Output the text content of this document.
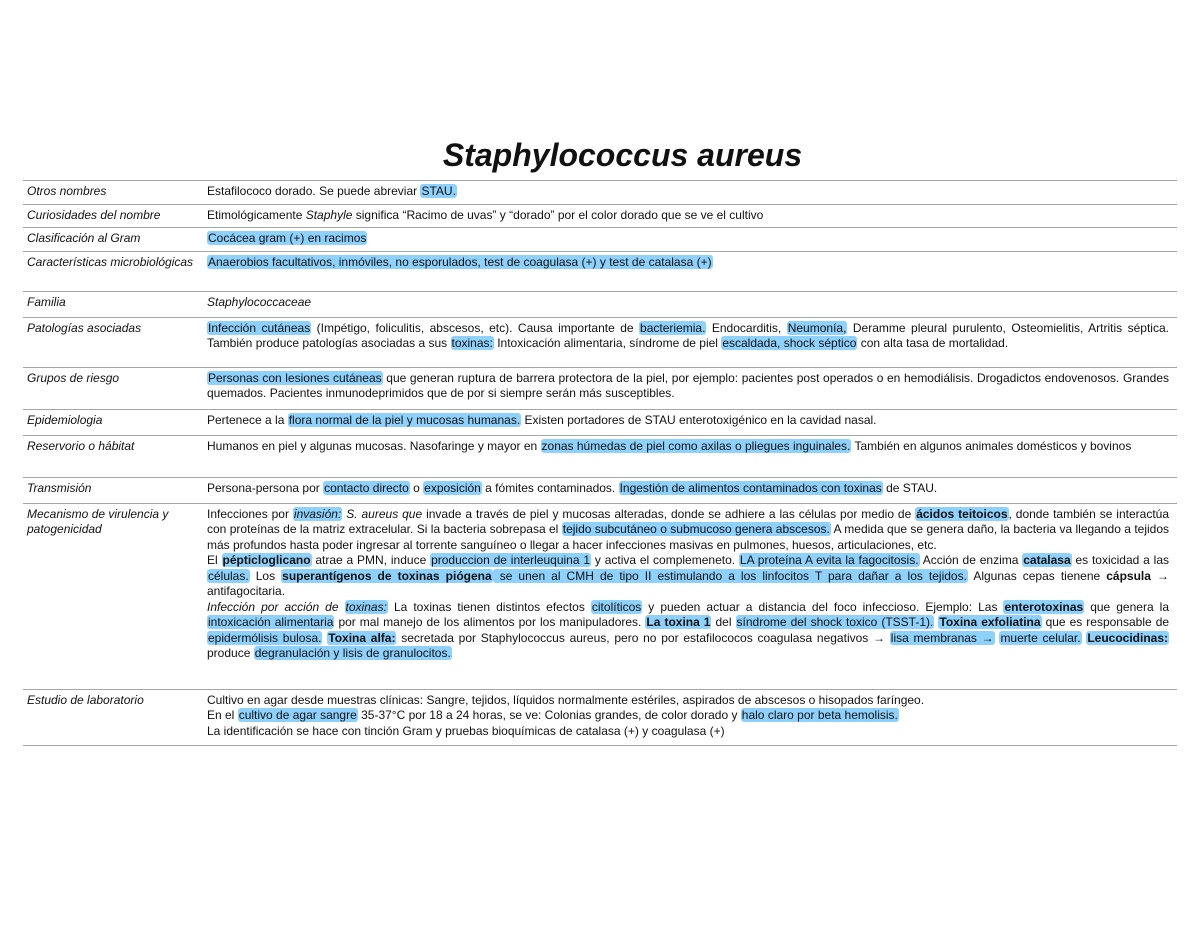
Staphylococcus aureus
Otros nombres	Estafilococo dorado. Se puede abreviar STAU.
Curiosidades del nombre	Etimológicamente Staphyle significa “Racimo de uvas” y “dorado” por el color dorado que se ve el cultivo
Clasificación al Gram	Cocácea gram (+) en racimos
Características microbiológicas	Anaerobios facultativos, inmóviles, no esporulados, test de coagulasa (+) y test de catalasa (+)
Familia	Staphylococcaceae
Patologías asociadas	Infección cutáneas (Impétigo, foliculitis, abscesos, etc). Causa importante de bacteriemia. Endocarditis, Neumonía, Deramme pleural purulento, Osteomielitis, Artritis séptica. También produce patologías asociadas a sus toxinas: Intoxicación alimentaria, síndrome de piel escaldada, shock séptico con alta tasa de mortalidad.
Grupos de riesgo	Personas con lesiones cutáneas que generan ruptura de barrera protectora de la piel, por ejemplo: pacientes post operados o en hemodiálisis. Drogadictos endovenosos. Grandes quemados. Pacientes inmunodeprimidos que de por si siempre serán más susceptibles.
Epidemiologia	Pertenece a la flora normal de la piel y mucosas humanas. Existen portadores de STAU enterotoxigénico en la cavidad nasal.
Reservorio o hábitat	Humanos en piel y algunas mucosas. Nasofaringe y mayor en zonas húmedas de piel como axilas o pliegues inguinales. También en algunos animales domésticos y bovinos
Transmisión	Persona-persona por contacto directo o exposición a fómites contaminados. Ingestión de alimentos contaminados con toxinas de STAU.
Mecanismo de virulencia y patogenicidad	Infecciones por invasión: S. aureus que invade a través de piel y mucosas alteradas, donde se adhiere a las células por medio de ácidos teitoicos, donde también se interactúa con proteínas de la matriz extracelular. Si la bacteria sobrepasa el tejido subcutáneo o submucoso genera abscesos. A medida que se genera daño, la bacteria va llegando a tejidos más profundos hasta poder ingresar al torrente sanguíneo o llegar a hacer infecciones masivas en pulmones, huesos, articulaciones, etc.
El pépticloglicano atrae a PMN, induce produccion de interleuquina 1 y activa el complemeneto. LA proteína A evita la fagocitosis. Acción de enzima catalasa es toxicidad a las células. Los superantígenos de toxinas piógena se unen al CMH de tipo II estimulando a los linfocitos T para dañar a los tejidos. Algunas cepas tienene cápsula → antifagocitaria.
Infección por acción de toxinas: La toxinas tienen distintos efectos citolíticos y pueden actuar a distancia del foco infeccioso. Ejemplo: Las enterotoxinas que genera la intoxicación alimentaria por mal manejo de los alimentos por los manipuladores. La toxina 1 del síndrome del shock toxico (TSST-1). Toxina exfoliatina que es responsable de epidermólisis bulosa. Toxina alfa: secretada por Staphylococcus aureus, pero no por estafilococos coagulasa negativos → lisa membranas → muerte celular. Leucocidinas: produce degranulación y lisis de granulocitos.
Estudio de laboratorio	Cultivo en agar desde muestras clínicas: Sangre, tejidos, líquidos normalmente estériles, aspirados de abscesos o hisopados faríngeo.
En el cultivo de agar sangre 35-37°C por 18 a 24 horas, se ve: Colonias grandes, de color dorado y halo claro por beta hemolisis.
La identificación se hace con tinción Gram y pruebas bioquímicas de catalasa (+) y coagulasa (+)
